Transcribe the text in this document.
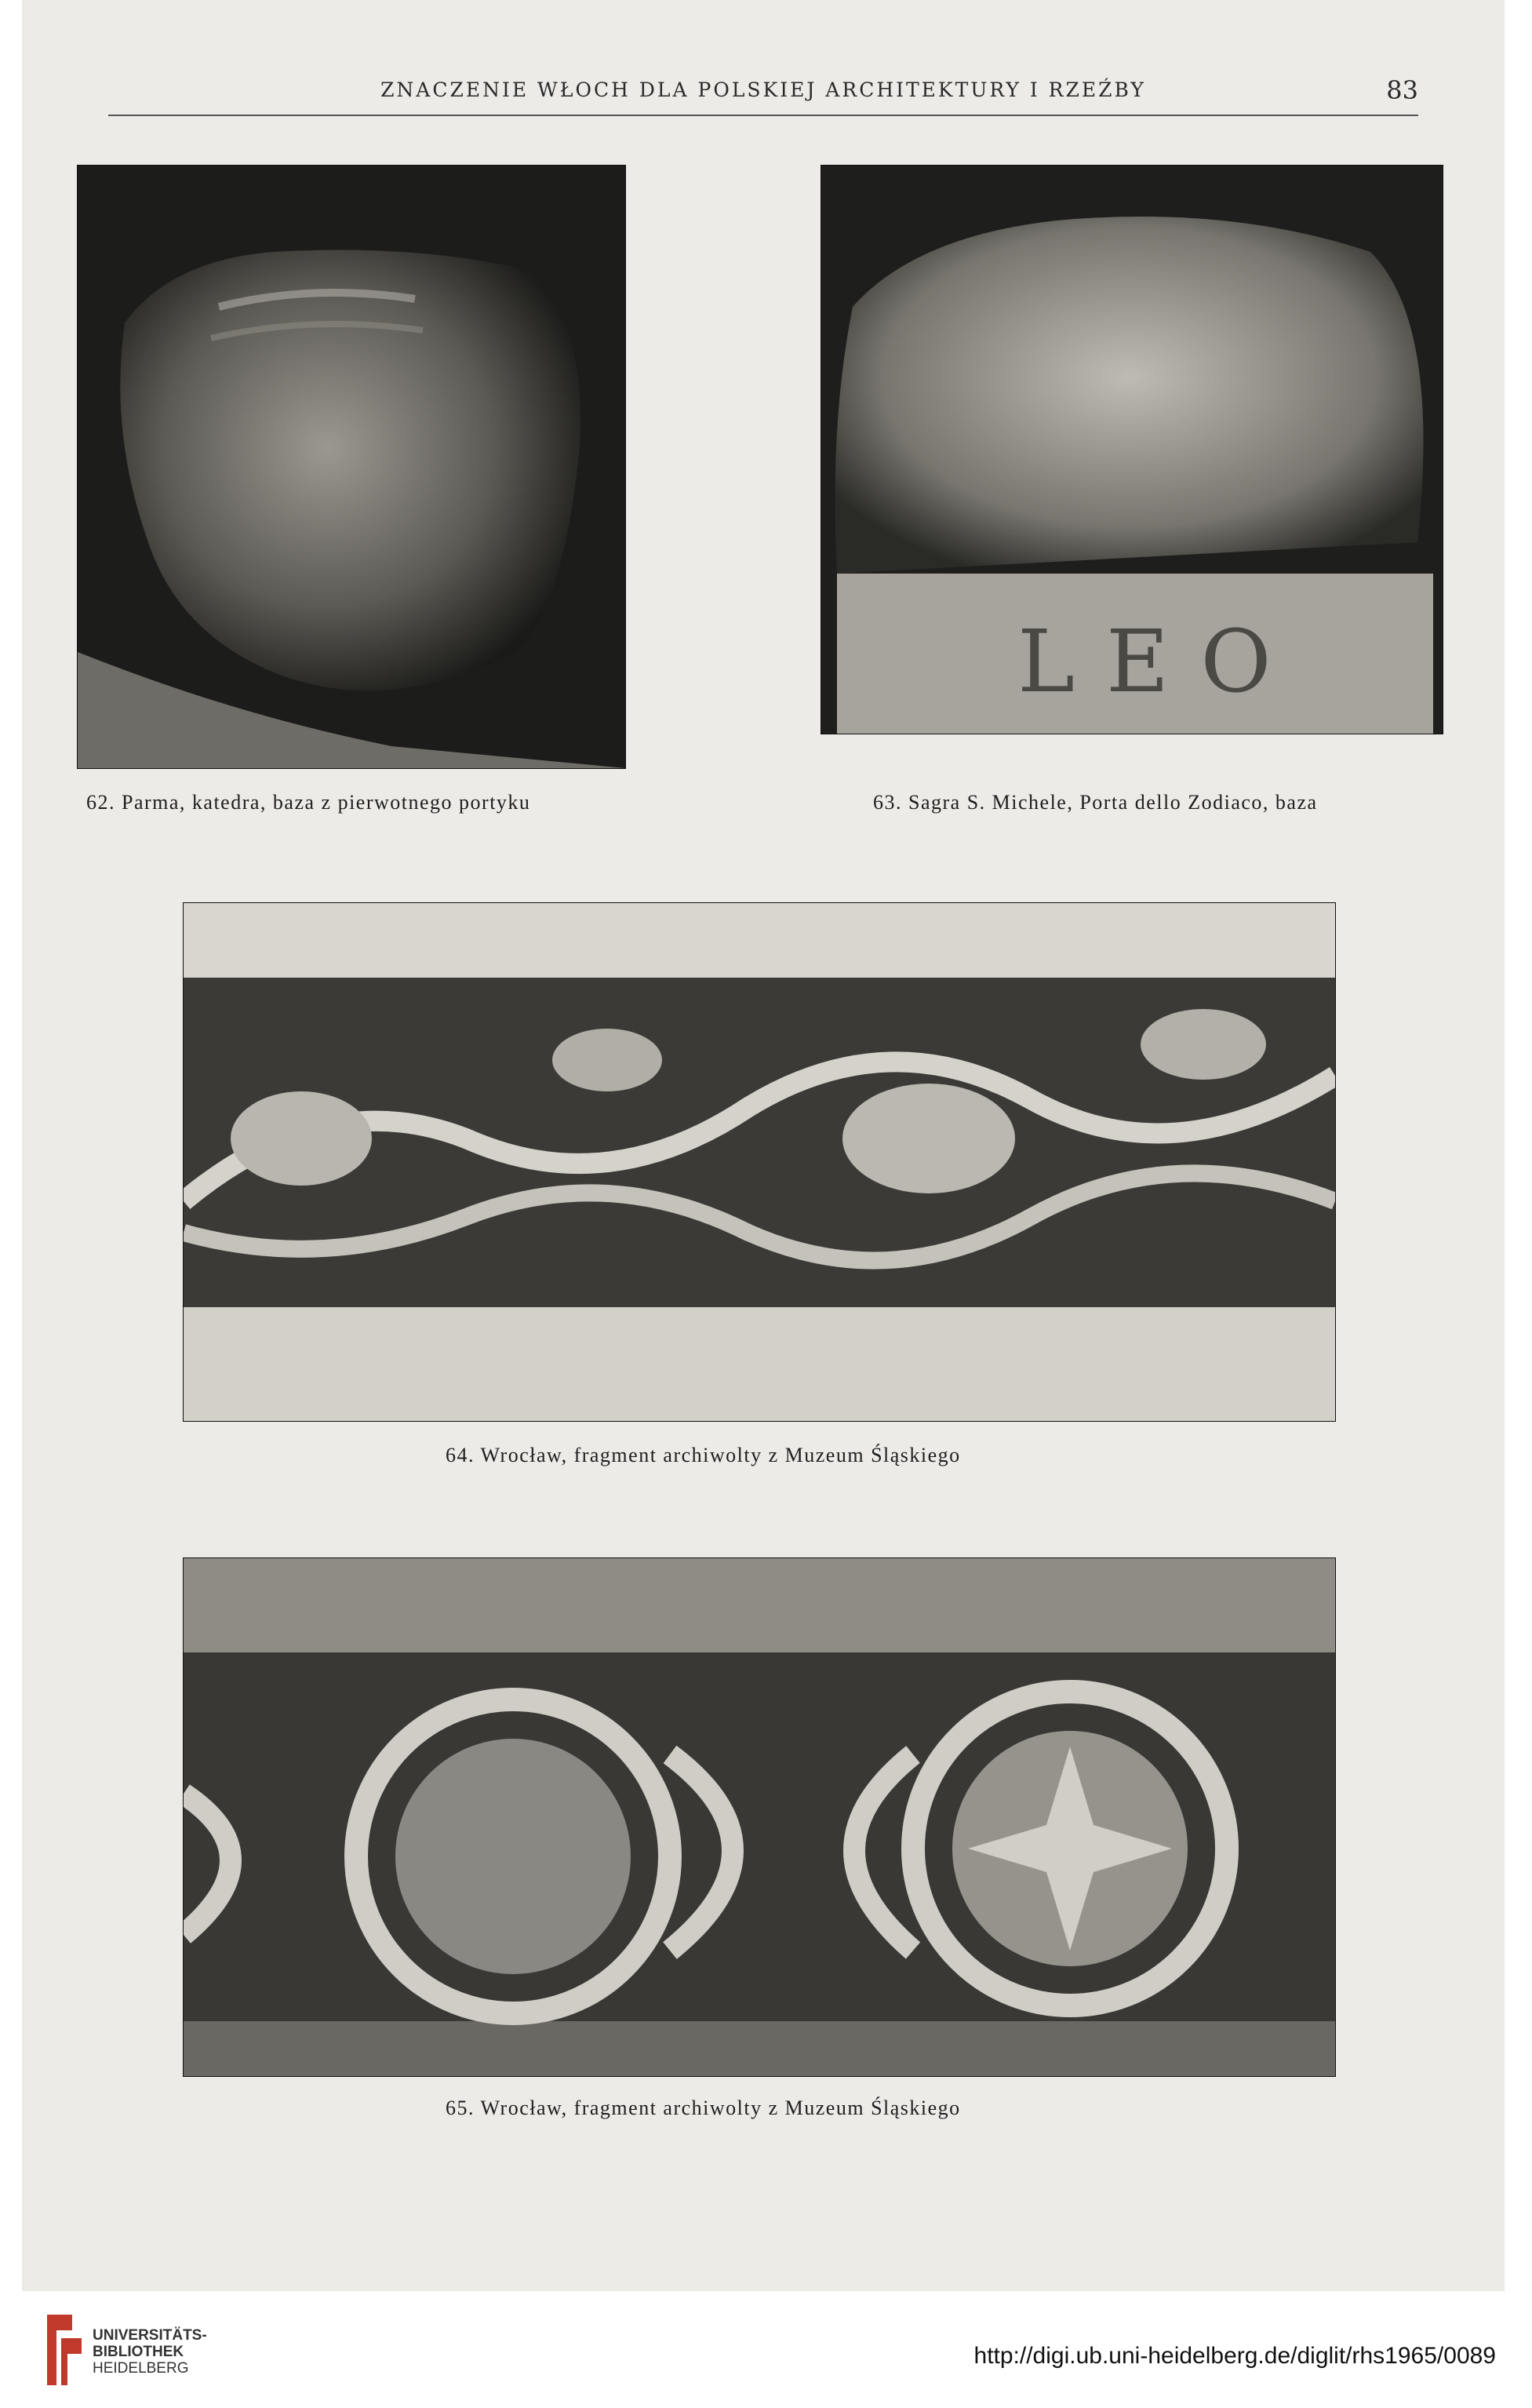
ZNACZENIE WŁOCH DLA POLSKIEJ ARCHITEKTURY I RZEŹBY	83
62. Parma, katedra, baza z pierwotnego portyku
LEO
63. Sagra S. Michele, Porta dello Zodiaco, baza
64. Wrocław, fragment archiwolty z Muzeum Śląskiego
65. Wrocław, fragment archiwolty z Muzeum Śląskiego
UNIVERSITÄTS-
BIBLIOTHEK
HEIDELBERG	http://digi.ub.uni-heidelberg.de/diglit/rhs1965/0089
